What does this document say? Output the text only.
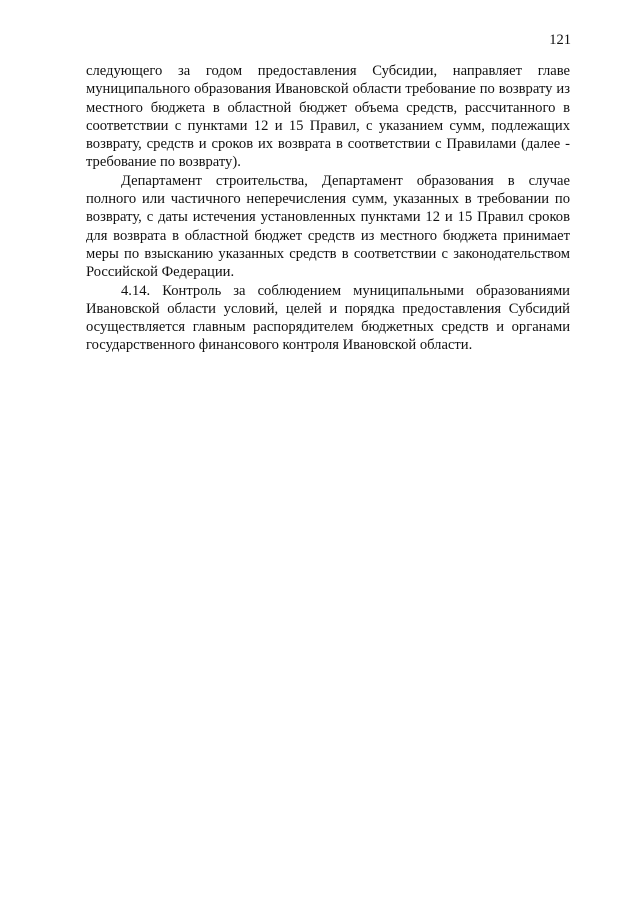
121

следующего за годом предоставления Субсидии, направляет главе муниципального образования Ивановской области требование по возврату из местного бюджета в областной бюджет объема средств, рассчитанного в соответствии с пунктами 12 и 15 Правил, с указанием сумм, подлежащих возврату, средств и сроков их возврата в соответствии с Правилами (далее - требование по возврату).

Департамент строительства, Департамент образования в случае полного или частичного неперечисления сумм, указанных в требовании по возврату, с даты истечения установленных пунктами 12 и 15 Правил сроков для возврата в областной бюджет средств из местного бюджета принимает меры по взысканию указанных средств в соответствии с законодательством Российской Федерации.

4.14. Контроль за соблюдением муниципальными образованиями Ивановской области условий, целей и порядка предоставления Субсидий осуществляется главным распорядителем бюджетных средств и органами государственного финансового контроля Ивановской области.
